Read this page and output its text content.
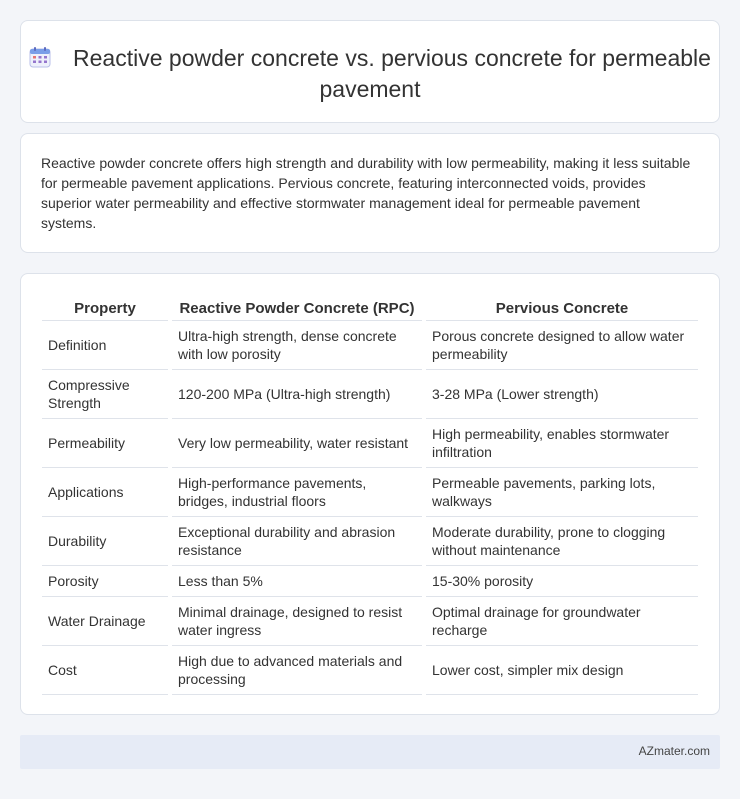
Reactive powder concrete vs. pervious concrete for permeable pavement

Reactive powder concrete offers high strength and durability with low permeability, making it less suitable for permeable pavement applications. Pervious concrete, featuring interconnected voids, provides superior water permeability and effective stormwater management ideal for permeable pavement systems.

Property		Reactive Powder Concrete (RPC)		Pervious Concrete
Definition		Ultra-high strength, dense concrete with low porosity		Porous concrete designed to allow water permeability
Compressive Strength		120-200 MPa (Ultra-high strength)		3-28 MPa (Lower strength)
Permeability		Very low permeability, water resistant		High permeability, enables stormwater infiltration
Applications		High-performance pavements, bridges, industrial floors		Permeable pavements, parking lots, walkways
Durability		Exceptional durability and abrasion resistance		Moderate durability, prone to clogging without maintenance
Porosity		Less than 5%		15-30% porosity
Water Drainage		Minimal drainage, designed to resist water ingress		Optimal drainage for groundwater recharge
Cost		High due to advanced materials and processing		Lower cost, simpler mix design
AZmater.com
